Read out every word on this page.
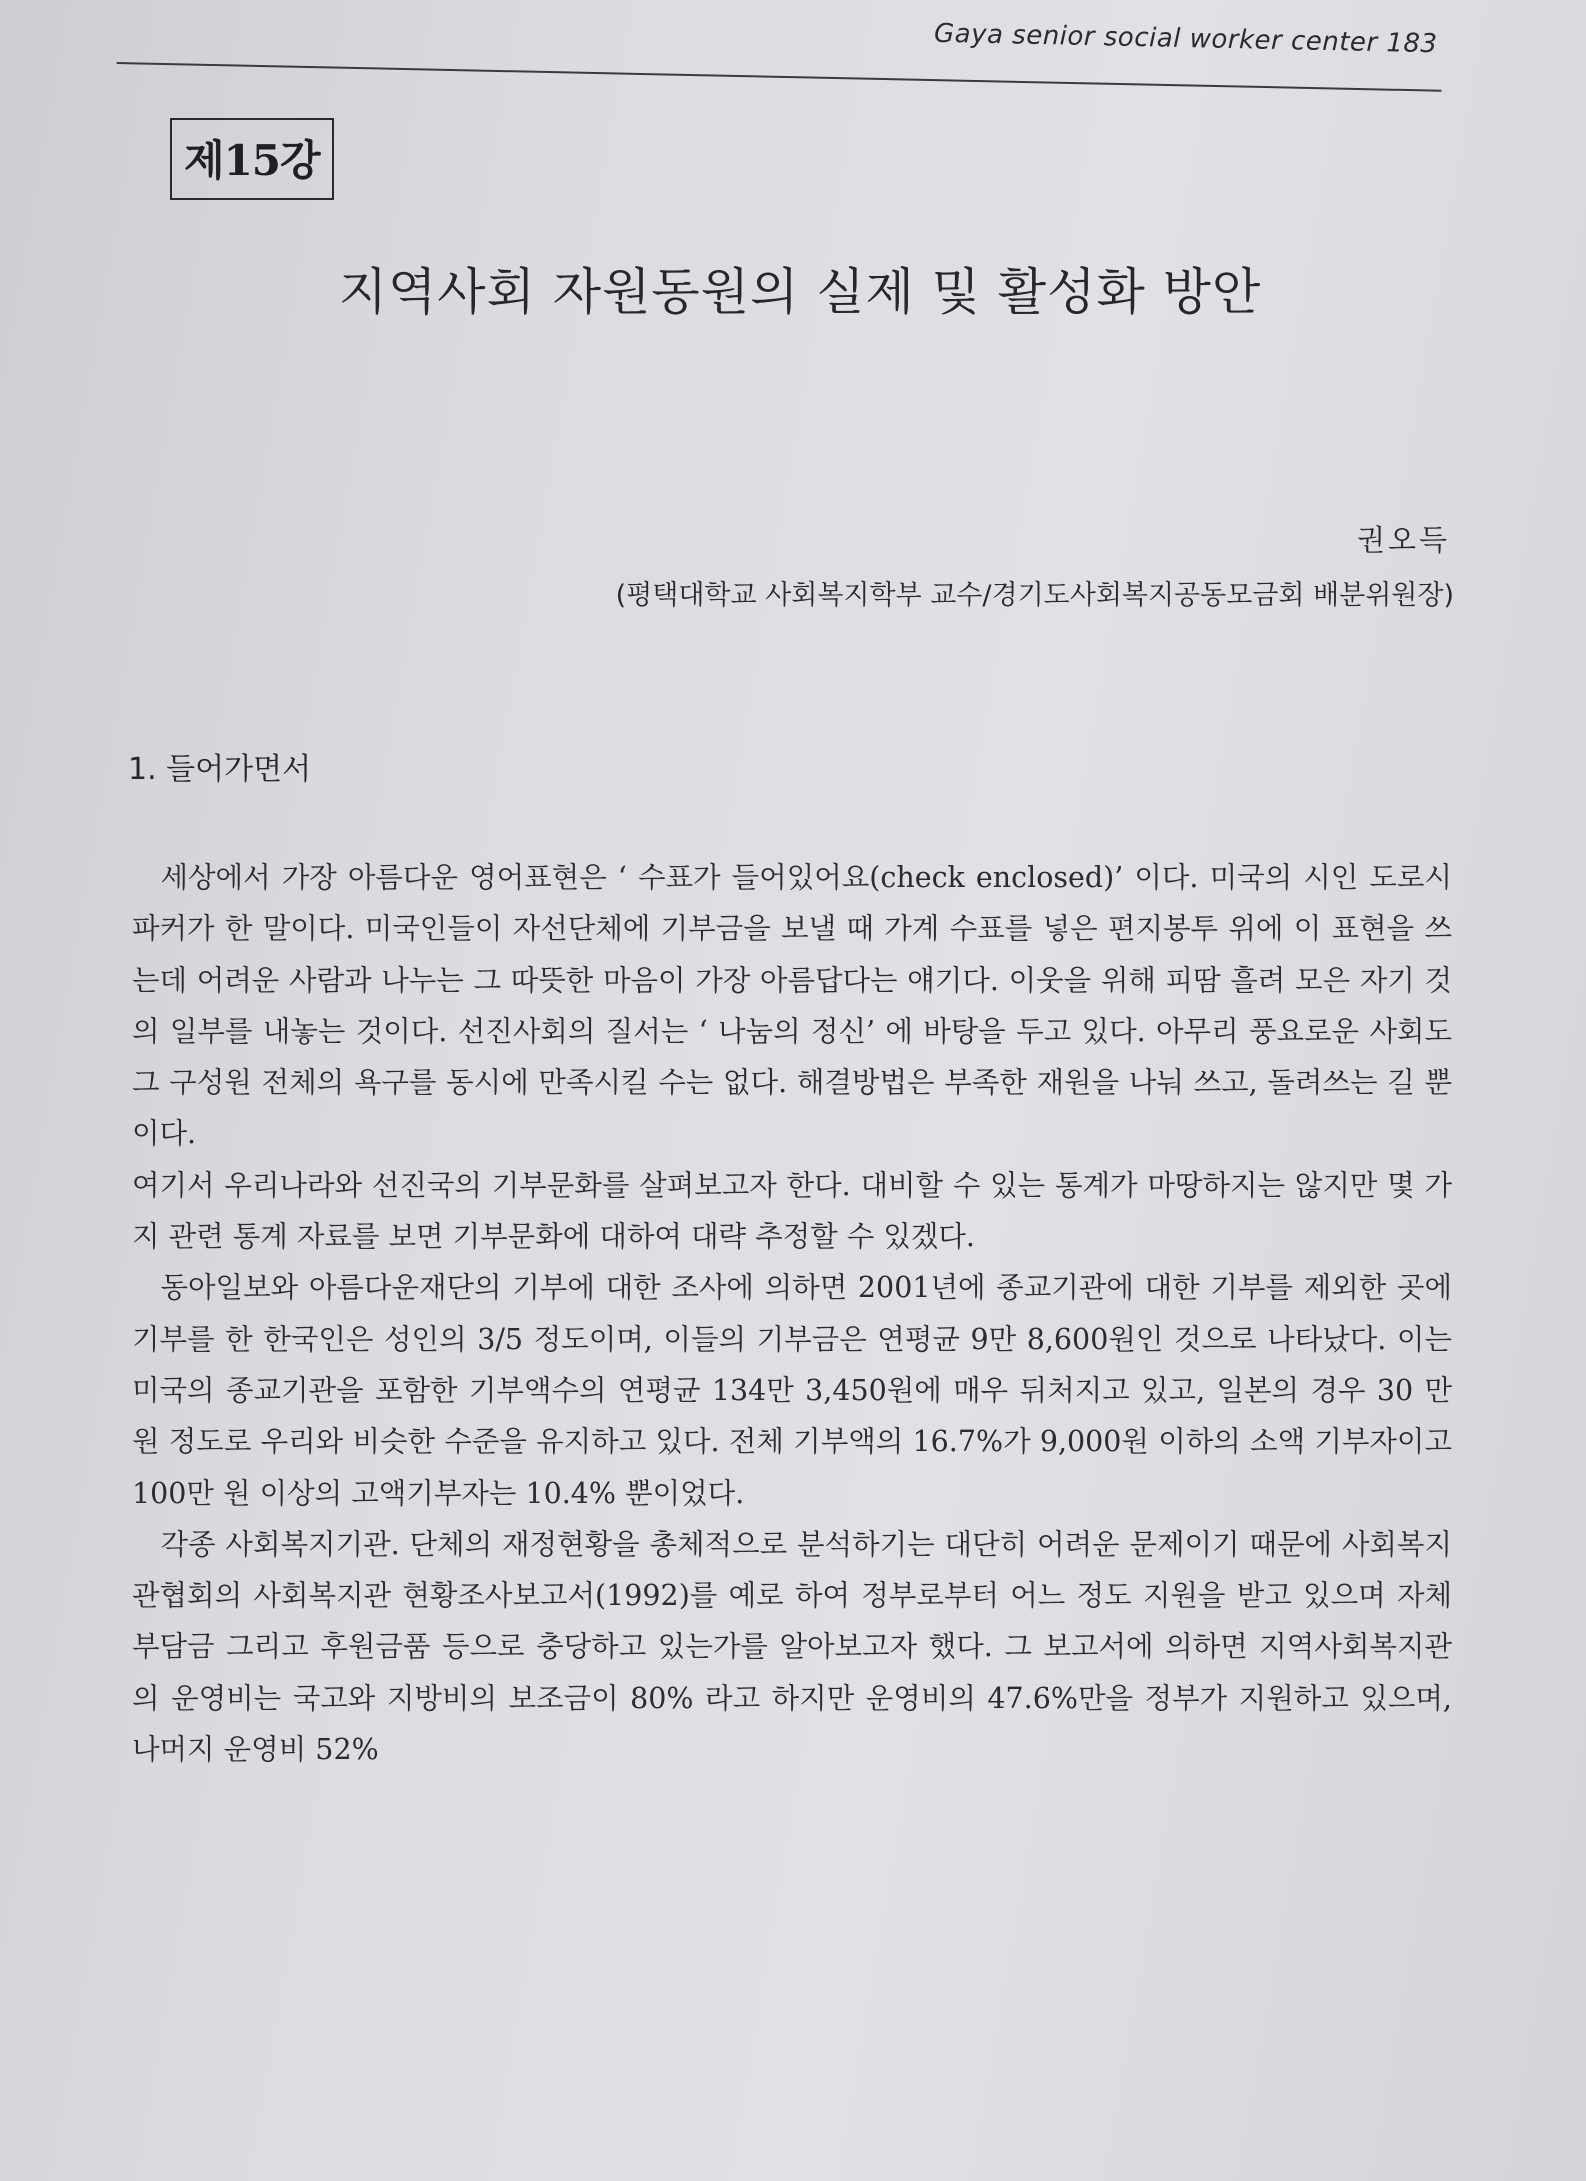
Gaya senior social worker center 183
제15강
지역사회 자원동원의 실제 및 활성화 방안
권오득
(평택대학교 사회복지학부 교수/경기도사회복지공동모금회 배분위원장)
1. 들어가면서

세상에서 가장 아름다운 영어표현은 ‘ 수표가 들어있어요(check enclosed)’ 이다. 미국의 시인 도로시 파커가 한 말이다. 미국인들이 자선단체에 기부금을 보낼 때 가계 수표를 넣은 편지봉투 위에 이 표현을 쓰는데 어려운 사람과 나누는 그 따뜻한 마음이 가장 아름답다는 얘기다. 이웃을 위해 피땀 흘려 모은 자기 것의 일부를 내놓는 것이다. 선진사회의 질서는 ‘ 나눔의 정신’ 에 바탕을 두고 있다. 아무리 풍요로운 사회도 그 구성원 전체의 욕구를 동시에 만족시킬 수는 없다. 해결방법은 부족한 재원을 나눠 쓰고, 돌려쓰는 길 뿐이다.

여기서 우리나라와 선진국의 기부문화를 살펴보고자 한다. 대비할 수 있는 통계가 마땅하지는 않지만 몇 가지 관련 통계 자료를 보면 기부문화에 대하여 대략 추정할 수 있겠다.

동아일보와 아름다운재단의 기부에 대한 조사에 의하면 2001년에 종교기관에 대한 기부를 제외한 곳에 기부를 한 한국인은 성인의 3/5 정도이며, 이들의 기부금은 연평균 9만 8,600원인 것으로 나타났다. 이는 미국의 종교기관을 포함한 기부액수의 연평균 134만 3,450원에 매우 뒤처지고 있고, 일본의 경우 30 만 원 정도로 우리와 비슷한 수준을 유지하고 있다. 전체 기부액의 16.7%가 9,000원 이하의 소액 기부자이고 100만 원 이상의 고액기부자는 10.4% 뿐이었다.

각종 사회복지기관. 단체의 재정현황을 총체적으로 분석하기는 대단히 어려운 문제이기 때문에 사회복지관협회의 사회복지관 현황조사보고서(1992)를 예로 하여 정부로부터 어느 정도 지원을 받고 있으며 자체 부담금 그리고 후원금품 등으로 충당하고 있는가를 알아보고자 했다. 그 보고서에 의하면 지역사회복지관의 운영비는 국고와 지방비의 보조금이 80% 라고 하지만 운영비의 47.6%만을 정부가 지원하고 있으며, 나머지 운영비 52%
